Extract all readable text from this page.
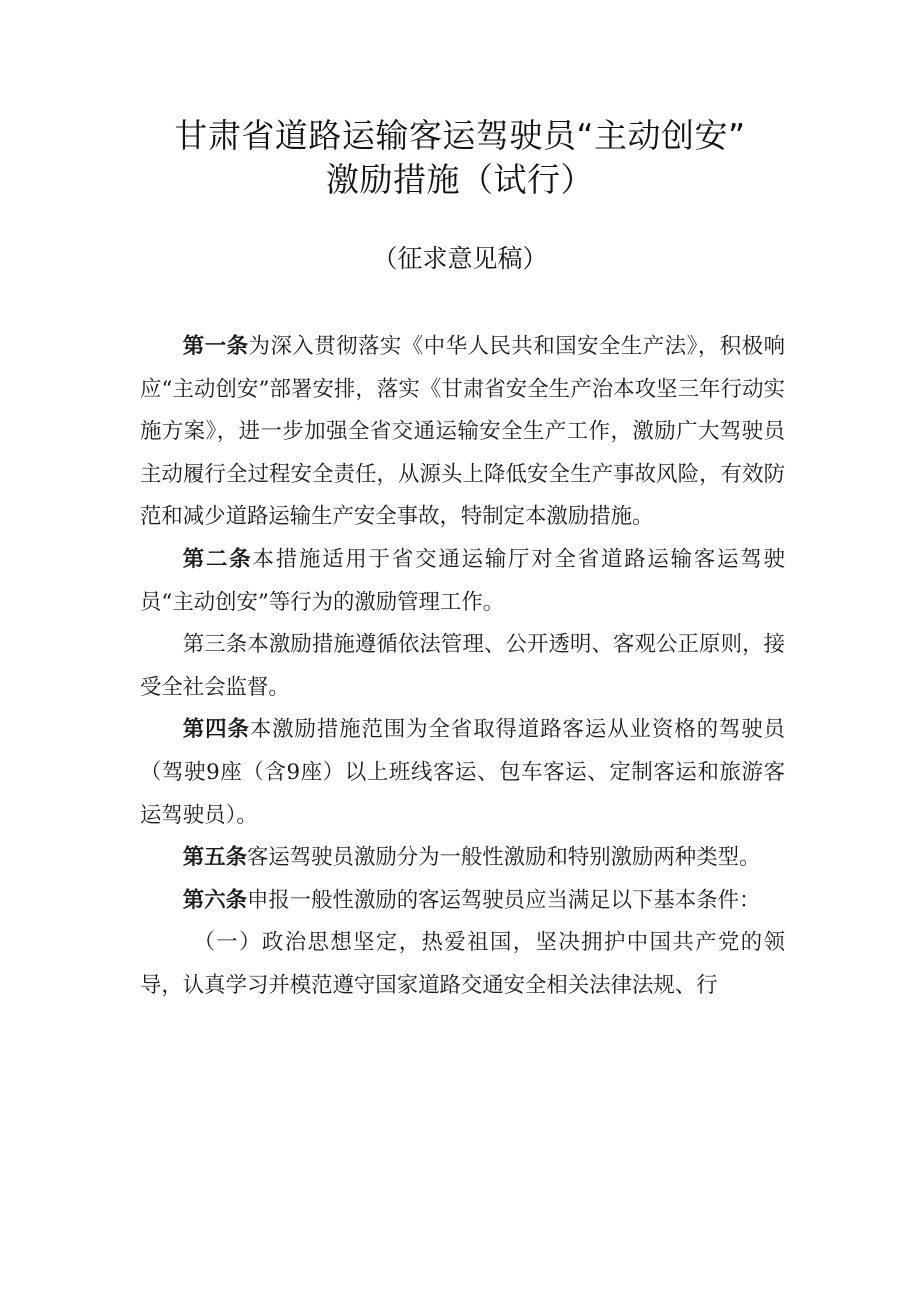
甘肃省道路运输客运驾驶员“主动创安”
激励措施（试行）
（征求意见稿）

第一条为深入贯彻落实《中华人民共和国安全生产法》，积极响应“主动创安”部署安排，落实《甘肃省安全生产治本攻坚三年行动实施方案》，进一步加强全省交通运输安全生产工作，激励广大驾驶员主动履行全过程安全责任，从源头上降低安全生产事故风险，有效防范和减少道路运输生产安全事故，特制定本激励措施。

第二条本措施适用于省交通运输厅对全省道路运输客运驾驶员“主动创安”等行为的激励管理工作。

第三条本激励措施遵循依法管理、公开透明、客观公正原则，接受全社会监督。

第四条本激励措施范围为全省取得道路客运从业资格的驾驶员（驾驶9座（含9座）以上班线客运、包车客运、定制客运和旅游客运驾驶员）。

第五条客运驾驶员激励分为一般性激励和特别激励两种类型。

第六条申报一般性激励的客运驾驶员应当满足以下基本条件：

（一）政治思想坚定，热爱祖国，坚决拥护中国共产党的领导，认真学习并模范遵守国家道路交通安全相关法律法规、行
